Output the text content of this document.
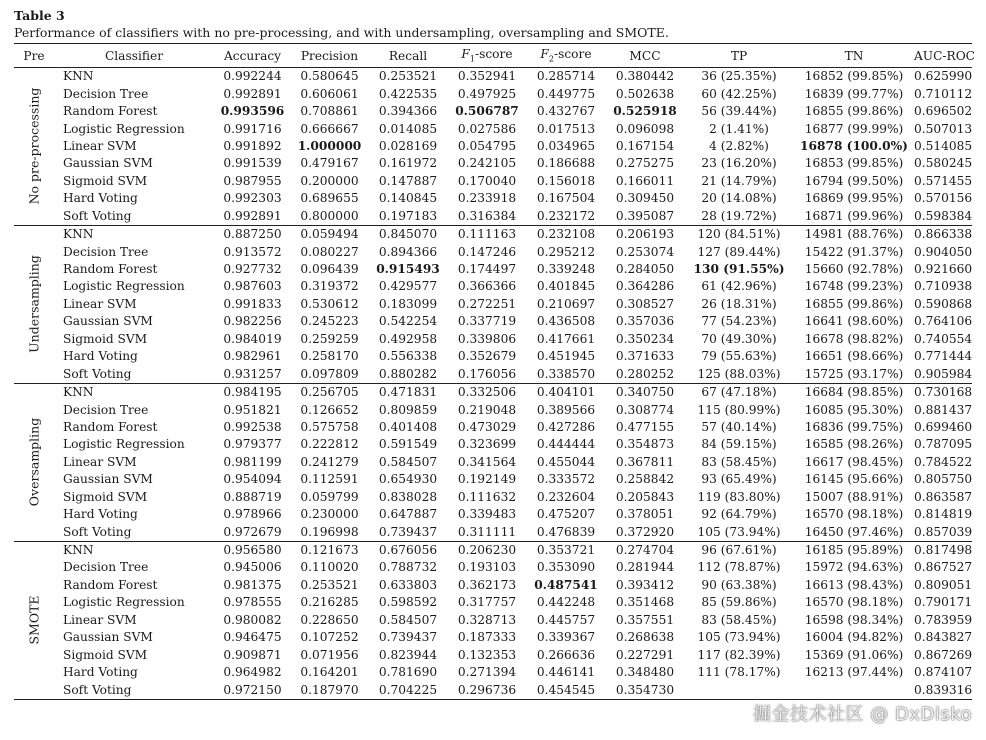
Table 3
Performance of classifiers with no pre-processing, and with undersampling, oversampling and SMOTE.
Pre	Classifier	Accuracy	Precision	Recall	$F_1$-score	$F_2$-score	MCC	TP	TN	AUC-ROC

No pre-processing	KNN	0.992244	0.580645	0.253521	0.352941	0.285714	0.380442	36 (25.35%)	16852 (99.85%)	0.625990
	Decision Tree	0.992891	0.606061	0.422535	0.497925	0.449775	0.502638	60 (42.25%)	16839 (99.77%)	0.710112
	Random Forest	0.993596	0.708861	0.394366	0.506787	0.432767	0.525918	56 (39.44%)	16855 (99.86%)	0.696502
	Logistic Regression	0.991716	0.666667	0.014085	0.027586	0.017513	0.096098	2 (1.41%)	16877 (99.99%)	0.507013
	Linear SVM	0.991892	1.000000	0.028169	0.054795	0.034965	0.167154	4 (2.82%)	16878 (100.0%)	0.514085
	Gaussian SVM	0.991539	0.479167	0.161972	0.242105	0.186688	0.275275	23 (16.20%)	16853 (99.85%)	0.580245
	Sigmoid SVM	0.987955	0.200000	0.147887	0.170040	0.156018	0.166011	21 (14.79%)	16794 (99.50%)	0.571455
	Hard Voting	0.992303	0.689655	0.140845	0.233918	0.167504	0.309450	20 (14.08%)	16869 (99.95%)	0.570156
	Soft Voting	0.992891	0.800000	0.197183	0.316384	0.232172	0.395087	28 (19.72%)	16871 (99.96%)	0.598384

Undersampling	KNN	0.887250	0.059494	0.845070	0.111163	0.232108	0.206193	120 (84.51%)	14981 (88.76%)	0.866338
	Decision Tree	0.913572	0.080227	0.894366	0.147246	0.295212	0.253074	127 (89.44%)	15422 (91.37%)	0.904050
	Random Forest	0.927732	0.096439	0.915493	0.174497	0.339248	0.284050	130 (91.55%)	15660 (92.78%)	0.921660
	Logistic Regression	0.987603	0.319372	0.429577	0.366366	0.401845	0.364286	61 (42.96%)	16748 (99.23%)	0.710938
	Linear SVM	0.991833	0.530612	0.183099	0.272251	0.210697	0.308527	26 (18.31%)	16855 (99.86%)	0.590868
	Gaussian SVM	0.982256	0.245223	0.542254	0.337719	0.436508	0.357036	77 (54.23%)	16641 (98.60%)	0.764106
	Sigmoid SVM	0.984019	0.259259	0.492958	0.339806	0.417661	0.350234	70 (49.30%)	16678 (98.82%)	0.740554
	Hard Voting	0.982961	0.258170	0.556338	0.352679	0.451945	0.371633	79 (55.63%)	16651 (98.66%)	0.771444
	Soft Voting	0.931257	0.097809	0.880282	0.176056	0.338570	0.280252	125 (88.03%)	15725 (93.17%)	0.905984

Oversampling	KNN	0.984195	0.256705	0.471831	0.332506	0.404101	0.340750	67 (47.18%)	16684 (98.85%)	0.730168
	Decision Tree	0.951821	0.126652	0.809859	0.219048	0.389566	0.308774	115 (80.99%)	16085 (95.30%)	0.881437
	Random Forest	0.992538	0.575758	0.401408	0.473029	0.427286	0.477155	57 (40.14%)	16836 (99.75%)	0.699460
	Logistic Regression	0.979377	0.222812	0.591549	0.323699	0.444444	0.354873	84 (59.15%)	16585 (98.26%)	0.787095
	Linear SVM	0.981199	0.241279	0.584507	0.341564	0.455044	0.367811	83 (58.45%)	16617 (98.45%)	0.784522
	Gaussian SVM	0.954094	0.112591	0.654930	0.192149	0.333572	0.258842	93 (65.49%)	16145 (95.66%)	0.805750
	Sigmoid SVM	0.888719	0.059799	0.838028	0.111632	0.232604	0.205843	119 (83.80%)	15007 (88.91%)	0.863587
	Hard Voting	0.978966	0.230000	0.647887	0.339483	0.475207	0.378051	92 (64.79%)	16570 (98.18%)	0.814819
	Soft Voting	0.972679	0.196998	0.739437	0.311111	0.476839	0.372920	105 (73.94%)	16450 (97.46%)	0.857039

SMOTE	KNN	0.956580	0.121673	0.676056	0.206230	0.353721	0.274704	96 (67.61%)	16185 (95.89%)	0.817498
	Decision Tree	0.945006	0.110020	0.788732	0.193103	0.353090	0.281944	112 (78.87%)	15972 (94.63%)	0.867527
	Random Forest	0.981375	0.253521	0.633803	0.362173	0.487541	0.393412	90 (63.38%)	16613 (98.43%)	0.809051
	Logistic Regression	0.978555	0.216285	0.598592	0.317757	0.442248	0.351468	85 (59.86%)	16570 (98.18%)	0.790171
	Linear SVM	0.980082	0.228650	0.584507	0.328713	0.445757	0.357551	83 (58.45%)	16598 (98.34%)	0.783959
	Gaussian SVM	0.946475	0.107252	0.739437	0.187333	0.339367	0.268638	105 (73.94%)	16004 (94.82%)	0.843827
	Sigmoid SVM	0.909871	0.071956	0.823944	0.132353	0.266636	0.227291	117 (82.39%)	15369 (91.06%)	0.867269
	Hard Voting	0.964982	0.164201	0.781690	0.271394	0.446141	0.348480	111 (78.17%)	16213 (97.44%)	0.874107
	Soft Voting	0.972150	0.187970	0.704225	0.296736	0.454545	0.354730			0.839316
掘金技术社区 @ DxDlsko
